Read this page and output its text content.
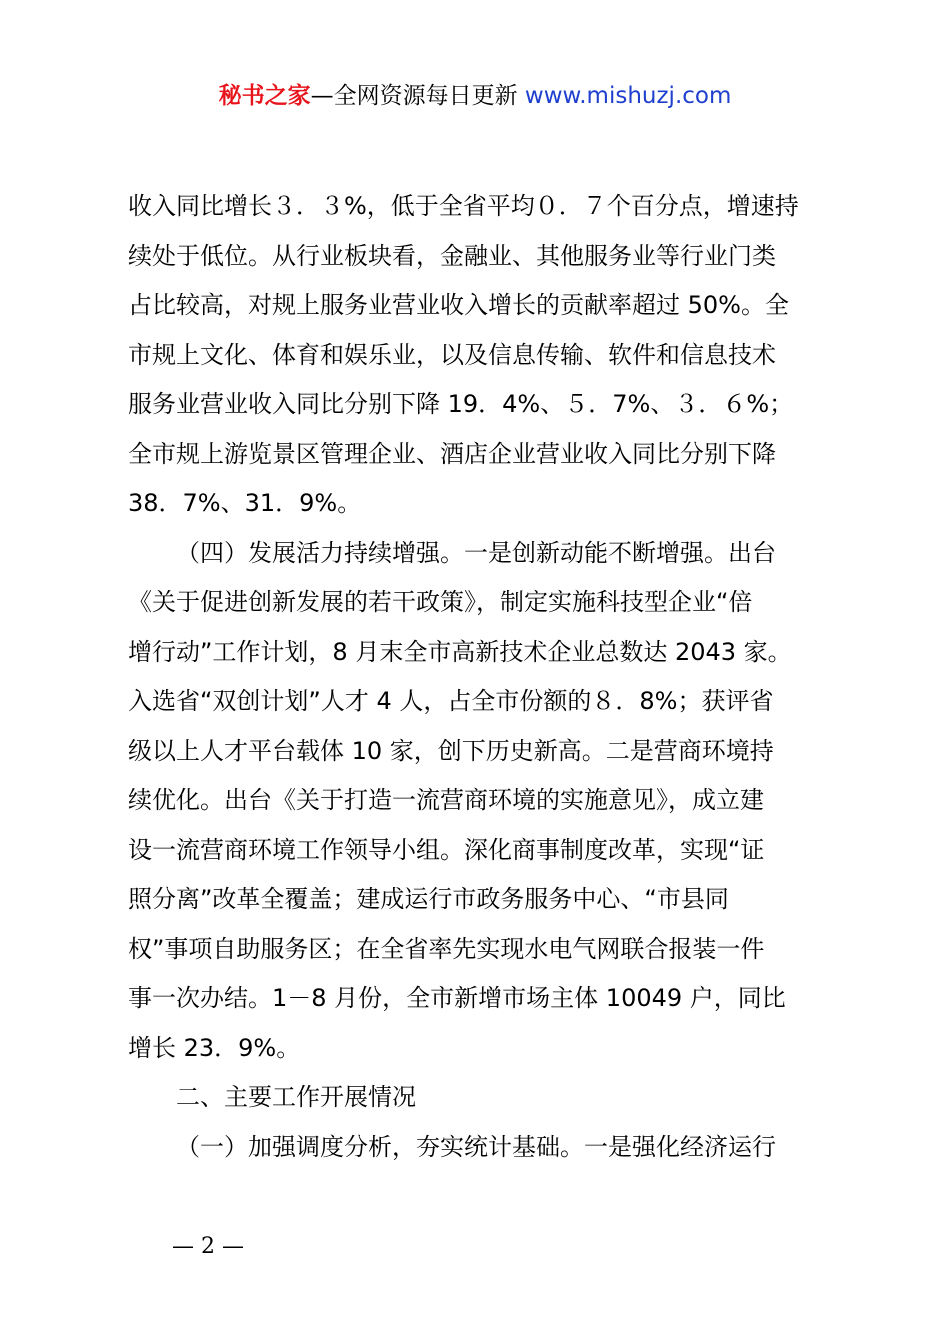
秘书之家—全网资源每日更新 www.mishuzj.com
收入同比增长３．３%，低于全省平均０．７个百分点，增速持
续处于低位。从行业板块看，金融业、其他服务业等行业门类
占比较高，对规上服务业营业收入增长的贡献率超过 50%。全
市规上文化、体育和娱乐业，以及信息传输、软件和信息技术
服务业营业收入同比分别下降 19．4%、５．7%、３．６%；
全市规上游览景区管理企业、酒店企业营业收入同比分别下降
38．7%、31．9%。
（四）发展活力持续增强。一是创新动能不断增强。出台
《关于促进创新发展的若干政策》，制定实施科技型企业“倍
增行动”工作计划，8 月末全市高新技术企业总数达 2043 家。
入选省“双创计划”人才 4 人，占全市份额的８．8%；获评省
级以上人才平台载体 10 家，创下历史新高。二是营商环境持
续优化。出台《关于打造一流营商环境的实施意见》，成立建
设一流营商环境工作领导小组。深化商事制度改革，实现“证
照分离”改革全覆盖；建成运行市政务服务中心、“市县同
权”事项自助服务区；在全省率先实现水电气网联合报装一件
事一次办结。1－8 月份，全市新增市场主体 10049 户，同比
增长 23．9%。
二、主要工作开展情况
（一）加强调度分析，夯实统计基础。一是强化经济运行
— 2 —
